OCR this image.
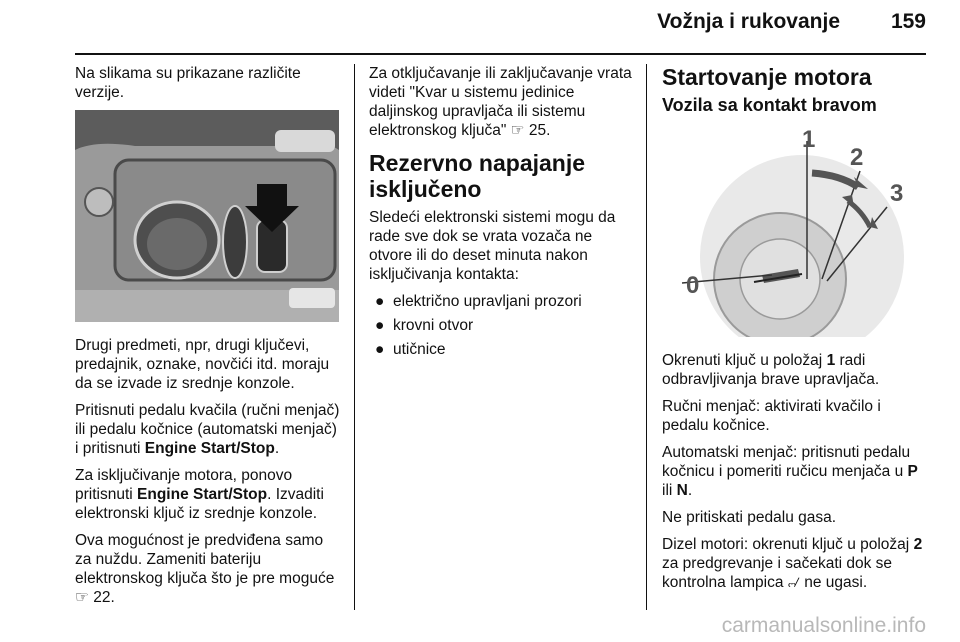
Vožnja i rukovanje 159

Na slikama su prikazane različite verzije.

Drugi predmeti, npr, drugi ključevi, predajnik, oznake, novčići itd. moraju da se izvade iz srednje konzole.

Pritisnuti pedalu kvačila (ručni menjač) ili pedalu kočnice (automatski menjač) i pritisnuti Engine Start/Stop.

Za isključivanje motora, ponovo pritisnuti Engine Start/Stop. Izvaditi elektronski ključ iz srednje konzole.

Ova mogućnost je predviđena samo za nuždu. Zameniti bateriju elektronskog ključa što je pre moguće ☞ 22.

Za otključavanje ili zaključavanje vrata videti "Kvar u sistemu jedinice daljinskog upravljača ili sistemu elektronskog ključa" ☞ 25.

Rezervno napajanje isključeno

Sledeći elektronski sistemi mogu da rade sve dok se vrata vozača ne otvore ili do deset minuta nakon isključivanja kontakta:

● električno upravljani prozori
● krovni otvor
● utičnice
Startovanje motora
Vozila sa kontakt bravom
1
2
3
0

Okrenuti ključ u položaj 1 radi odbravljivanja brave upravljača.

Ručni menjač: aktivirati kvačilo i pedalu kočnice.

Automatski menjač: pritisnuti pedalu kočnicu i pomeriti ručicu menjača u P ili N.

Ne pritiskati pedalu gasa.

Dizel motori: okrenuti ključ u položaj 2 za predgrevanje i sačekati dok se kontrolna lampica ୷ ne ugasi.

carmanualsonline.info
